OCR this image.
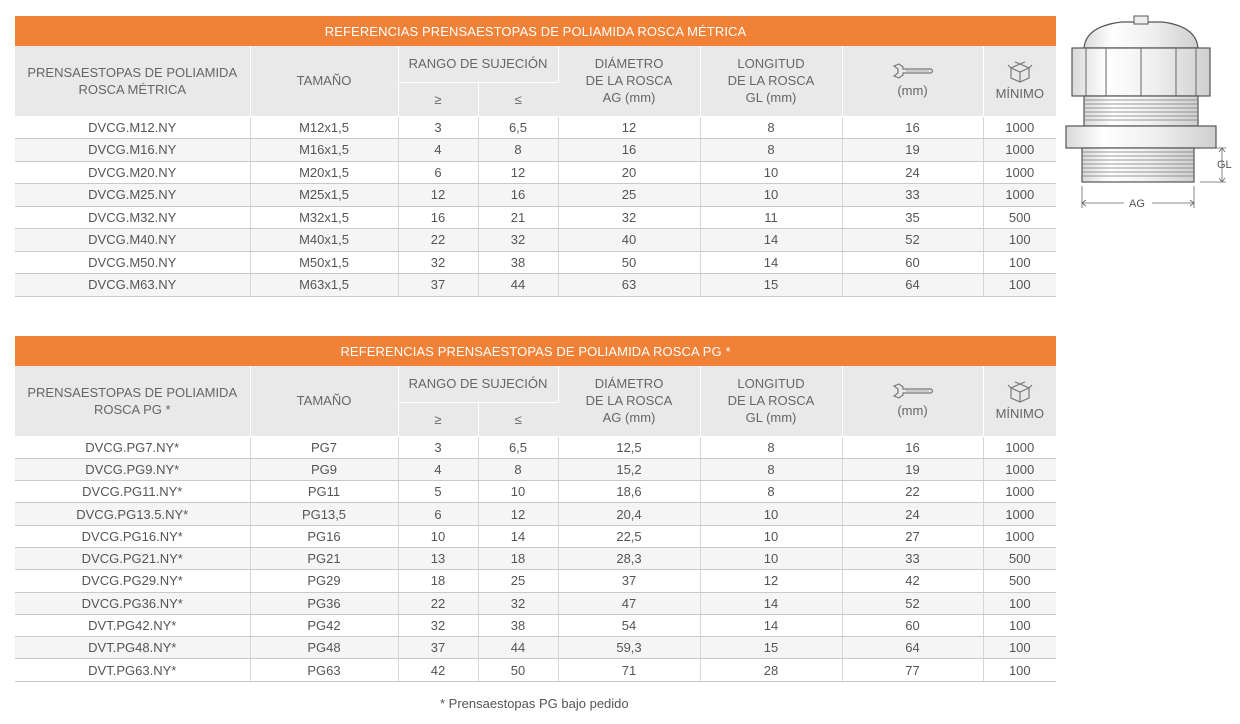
REFERENCIAS PRENSAESTOPAS DE POLIAMIDA ROSCA MÉTRICA							
PRENSAESTOPAS DE POLIAMIDA
ROSCA MÉTRICA	TAMAÑO	RANGO DE SUJECIÓN		DIÁMETRO
DE LA ROSCA
AG (mm)	LONGITUD
DE LA ROSCA
GL (mm)	(mm)	MÍNIMO
		≥	≤				
DVCG.M12.NY	M12x1,5	3	6,5	12	8	16	1000
DVCG.M16.NY	M16x1,5	4	8	16	8	19	1000
DVCG.M20.NY	M20x1,5	6	12	20	10	24	1000
DVCG.M25.NY	M25x1,5	12	16	25	10	33	1000
DVCG.M32.NY	M32x1,5	16	21	32	11	35	500
DVCG.M40.NY	M40x1,5	22	32	40	14	52	100
DVCG.M50.NY	M50x1,5	32	38	50	14	60	100
DVCG.M63.NY	M63x1,5	37	44	63	15	64	100
REFERENCIAS PRENSAESTOPAS DE POLIAMIDA ROSCA PG *							
PRENSAESTOPAS DE POLIAMIDA
ROSCA PG *	TAMAÑO	RANGO DE SUJECIÓN		DIÁMETRO
DE LA ROSCA
AG (mm)	LONGITUD
DE LA ROSCA
GL (mm)	(mm)	MÍNIMO
		≥	≤				
DVCG.PG7.NY*	PG7	3	6,5	12,5	8	16	1000
DVCG.PG9.NY*	PG9	4	8	15,2	8	19	1000
DVCG.PG11.NY*	PG11	5	10	18,6	8	22	1000
DVCG.PG13.5.NY*	PG13,5	6	12	20,4	10	24	1000
DVCG.PG16.NY*	PG16	10	14	22,5	10	27	1000
DVCG.PG21.NY*	PG21	13	18	28,3	10	33	500
DVCG.PG29.NY*	PG29	18	25	37	12	42	500
DVCG.PG36.NY*	PG36	22	32	47	14	52	100
DVT.PG42.NY*	PG42	32	38	54	14	60	100
DVT.PG48.NY*	PG48	37	44	59,3	15	64	100
DVT.PG63.NY*	PG63	42	50	71	28	77	100
* Prensaestopas PG bajo pedido
GL
AG
